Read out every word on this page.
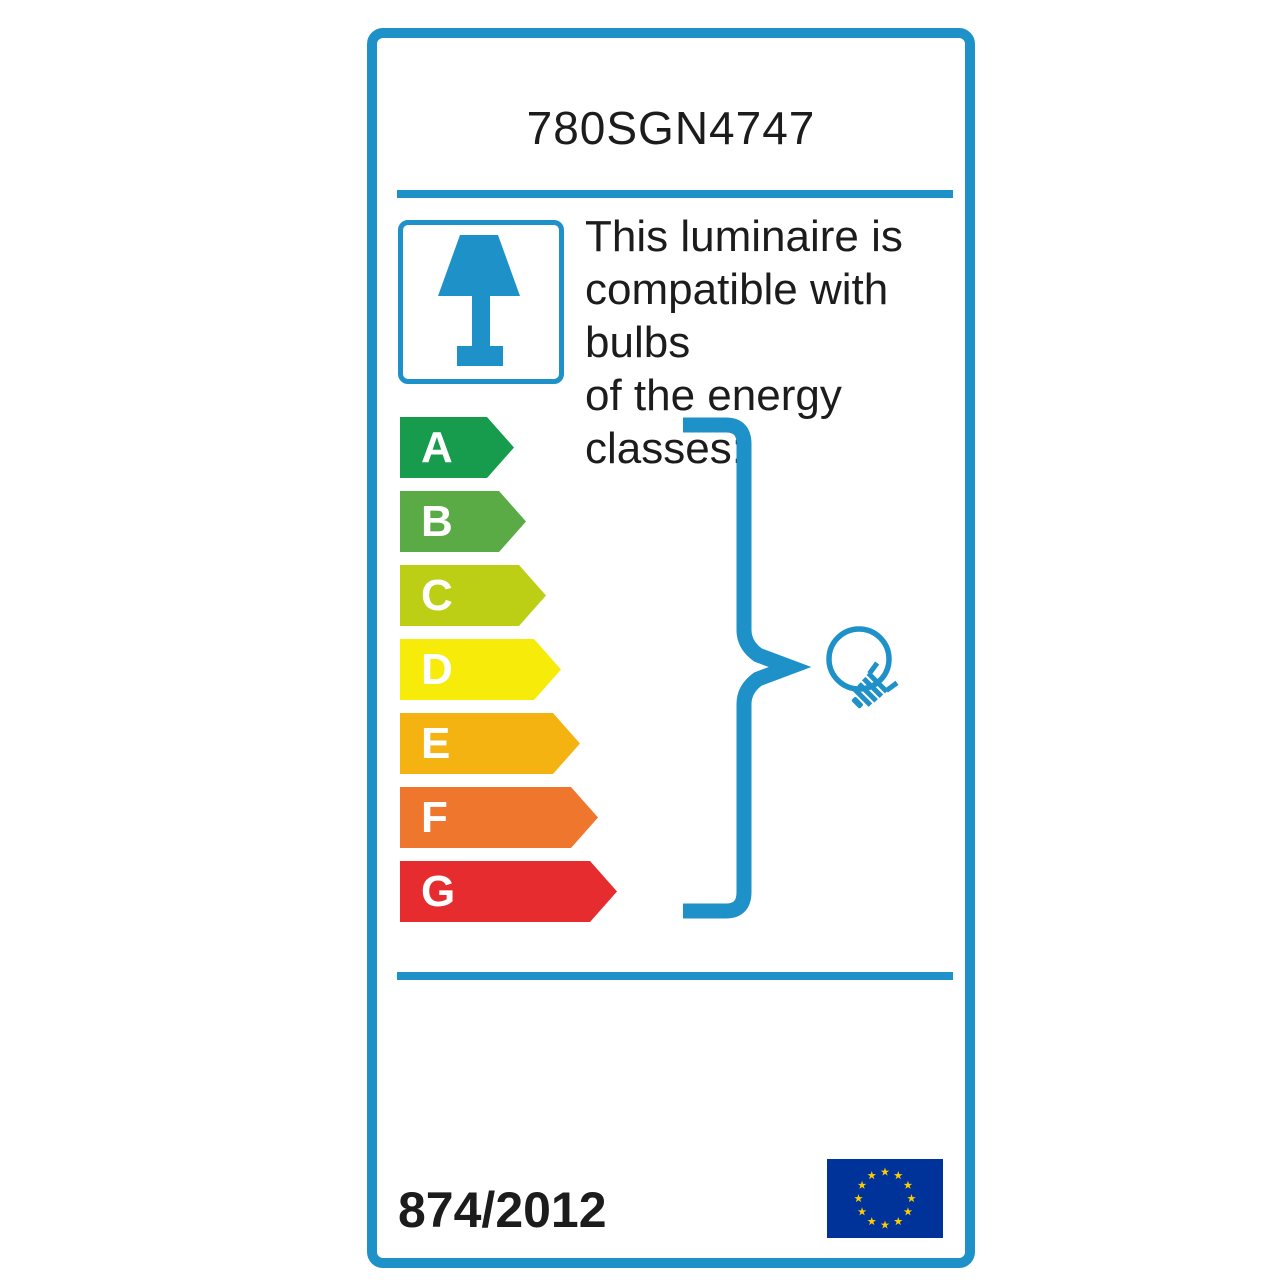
780SGN4747
This luminaire is
compatible with bulbs
of the energy classes:
A
B
C
D
E
F
G
874/2012
